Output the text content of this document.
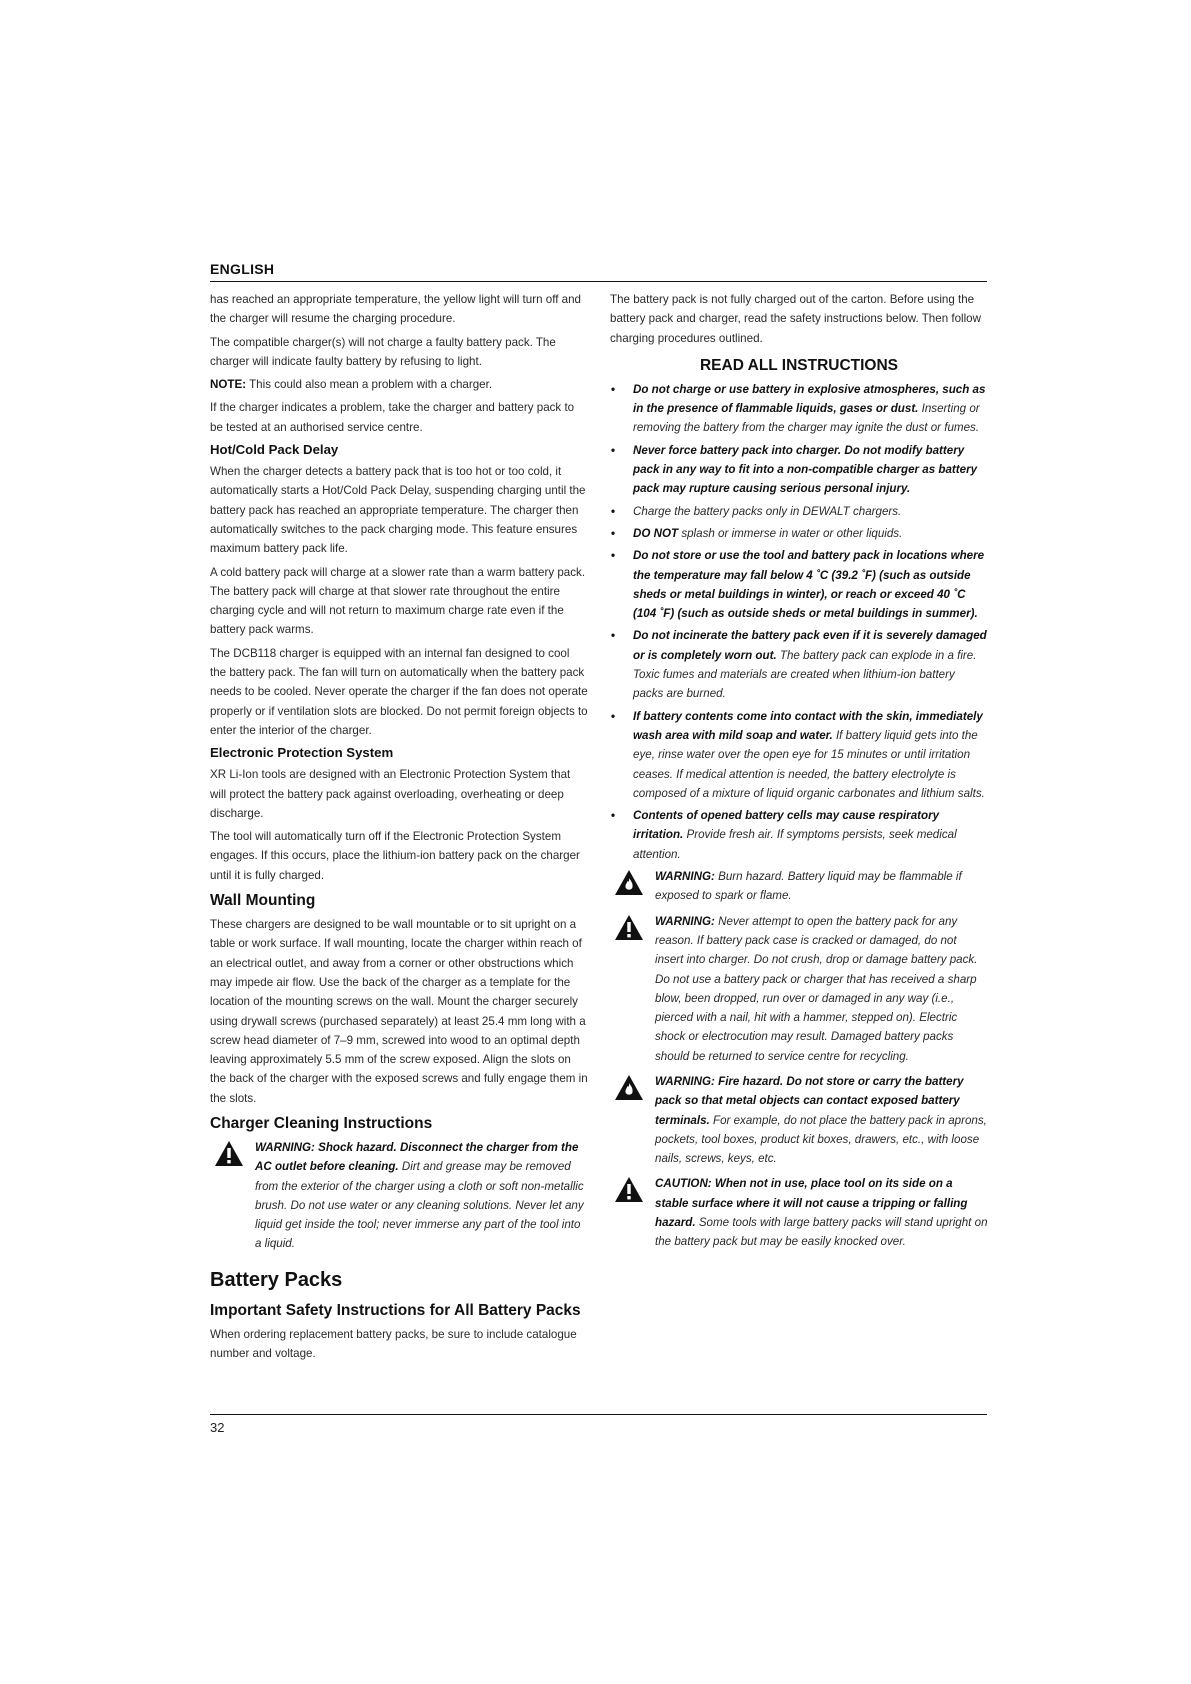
ENGLISH

has reached an appropriate temperature, the yellow light will turn off and the charger will resume the charging procedure.

The compatible charger(s) will not charge a faulty battery pack. The charger will indicate faulty battery by refusing to light.

NOTE: This could also mean a problem with a charger.

If the charger indicates a problem, take the charger and battery pack to be tested at an authorised service centre.

Hot/Cold Pack Delay

When the charger detects a battery pack that is too hot or too cold, it automatically starts a Hot/Cold Pack Delay, suspending charging until the battery pack has reached an appropriate temperature. The charger then automatically switches to the pack charging mode. This feature ensures maximum battery pack life.

A cold battery pack will charge at a slower rate than a warm battery pack. The battery pack will charge at that slower rate throughout the entire charging cycle and will not return to maximum charge rate even if the battery pack warms.

The DCB118 charger is equipped with an internal fan designed to cool the battery pack. The fan will turn on automatically when the battery pack needs to be cooled. Never operate the charger if the fan does not operate properly or if ventilation slots are blocked. Do not permit foreign objects to enter the interior of the charger.

Electronic Protection System

XR Li-Ion tools are designed with an Electronic Protection System that will protect the battery pack against overloading, overheating or deep discharge.

The tool will automatically turn off if the Electronic Protection System engages. If this occurs, place the lithium-ion battery pack on the charger until it is fully charged.

Wall Mounting

These chargers are designed to be wall mountable or to sit upright on a table or work surface. If wall mounting, locate the charger within reach of an electrical outlet, and away from a corner or other obstructions which may impede air flow. Use the back of the charger as a template for the location of the mounting screws on the wall. Mount the charger securely using drywall screws (purchased separately) at least 25.4 mm long with a screw head diameter of 7–9 mm, screwed into wood to an optimal depth leaving approximately 5.5 mm of the screw exposed. Align the slots on the back of the charger with the exposed screws and fully engage them in the slots.

Charger Cleaning Instructions
WARNING: Shock hazard. Disconnect the charger from the AC outlet before cleaning. Dirt and grease may be removed from the exterior of the charger using a cloth or soft non-metallic brush. Do not use water or any cleaning solutions. Never let any liquid get inside the tool; never immerse any part of the tool into a liquid.
Battery Packs
Important Safety Instructions for All Battery Packs

When ordering replacement battery packs, be sure to include catalogue number and voltage.

The battery pack is not fully charged out of the carton. Before using the battery pack and charger, read the safety instructions below. Then follow charging procedures outlined.

READ ALL INSTRUCTIONS
• Do not charge or use battery in explosive atmospheres, such as in the presence of flammable liquids, gases or dust. Inserting or removing the battery from the charger may ignite the dust or fumes.
• Never force battery pack into charger. Do not modify battery pack in any way to fit into a non-compatible charger as battery pack may rupture causing serious personal injury.
• Charge the battery packs only in DEWALT chargers.
• DO NOT splash or immerse in water or other liquids.
• Do not store or use the tool and battery pack in locations where the temperature may fall below 4 ˚C (39.2 ˚F) (such as outside sheds or metal buildings in winter), or reach or exceed 40 ˚C (104 ˚F) (such as outside sheds or metal buildings in summer).
• Do not incinerate the battery pack even if it is severely damaged or is completely worn out. The battery pack can explode in a fire. Toxic fumes and materials are created when lithium-ion battery packs are burned.
• If battery contents come into contact with the skin, immediately wash area with mild soap and water. If battery liquid gets into the eye, rinse water over the open eye for 15 minutes or until irritation ceases. If medical attention is needed, the battery electrolyte is composed of a mixture of liquid organic carbonates and lithium salts.
• Contents of opened battery cells may cause respiratory irritation. Provide fresh air. If symptoms persists, seek medical attention.
WARNING: Burn hazard. Battery liquid may be flammable if exposed to spark or flame.
WARNING: Never attempt to open the battery pack for any reason. If battery pack case is cracked or damaged, do not insert into charger. Do not crush, drop or damage battery pack. Do not use a battery pack or charger that has received a sharp blow, been dropped, run over or damaged in any way (i.e., pierced with a nail, hit with a hammer, stepped on). Electric shock or electrocution may result. Damaged battery packs should be returned to service centre for recycling.
WARNING: Fire hazard. Do not store or carry the battery pack so that metal objects can contact exposed battery terminals. For example, do not place the battery pack in aprons, pockets, tool boxes, product kit boxes, drawers, etc., with loose nails, screws, keys, etc.
CAUTION: When not in use, place tool on its side on a stable surface where it will not cause a tripping or falling hazard. Some tools with large battery packs will stand upright on the battery pack but may be easily knocked over.
32
